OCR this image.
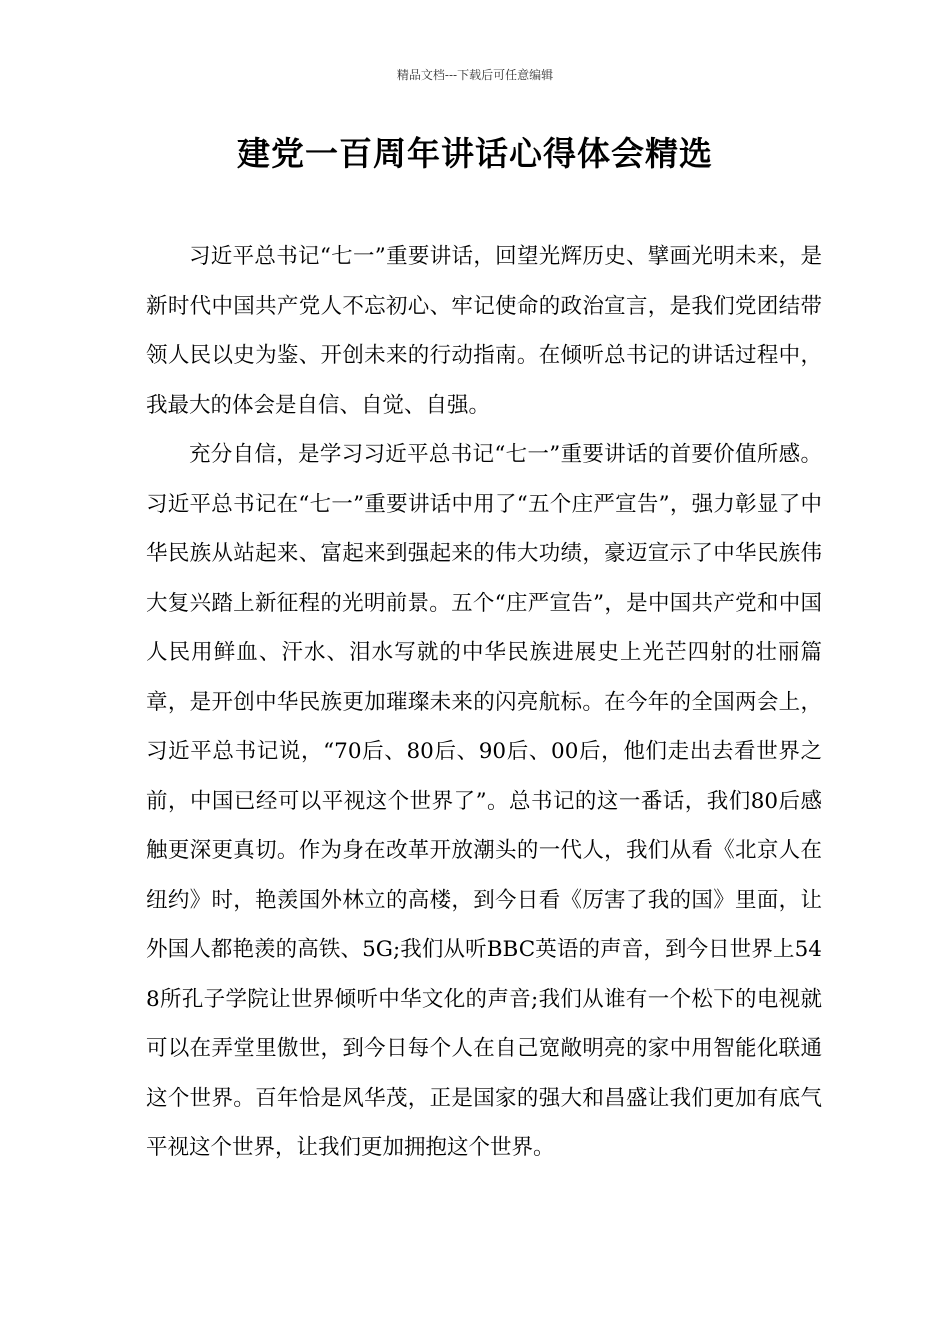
精品文档---下载后可任意编辑
建党一百周年讲话心得体会精选

习近平总书记“七一”重要讲话，回望光辉历史、擘画光明未来，是新时代中国共产党人不忘初心、牢记使命的政治宣言，是我们党团结带领人民以史为鉴、开创未来的行动指南。在倾听总书记的讲话过程中，我最大的体会是自信、自觉、自强。

充分自信，是学习习近平总书记“七一”重要讲话的首要价值所感。习近平总书记在“七一”重要讲话中用了“五个庄严宣告”，强力彰显了中华民族从站起来、富起来到强起来的伟大功绩，豪迈宣示了中华民族伟大复兴踏上新征程的光明前景。五个“庄严宣告”，是中国共产党和中国人民用鲜血、汗水、泪水写就的中华民族进展史上光芒四射的壮丽篇章，是开创中华民族更加璀璨未来的闪亮航标。在今年的全国两会上，习近平总书记说，“70后、80后、90后、00后，他们走出去看世界之前，中国已经可以平视这个世界了”。总书记的这一番话，我们80后感触更深更真切。作为身在改革开放潮头的一代人，我们从看《北京人在纽约》时，艳羡国外林立的高楼，到今日看《厉害了我的国》里面，让外国人都艳羡的高铁、5G;我们从听BBC英语的声音，到今日世界上548所孔子学院让世界倾听中华文化的声音;我们从谁有一个松下的电视就可以在弄堂里傲世，到今日每个人在自己宽敞明亮的家中用智能化联通这个世界。百年恰是风华茂，正是国家的强大和昌盛让我们更加有底气平视这个世界，让我们更加拥抱这个世界。
